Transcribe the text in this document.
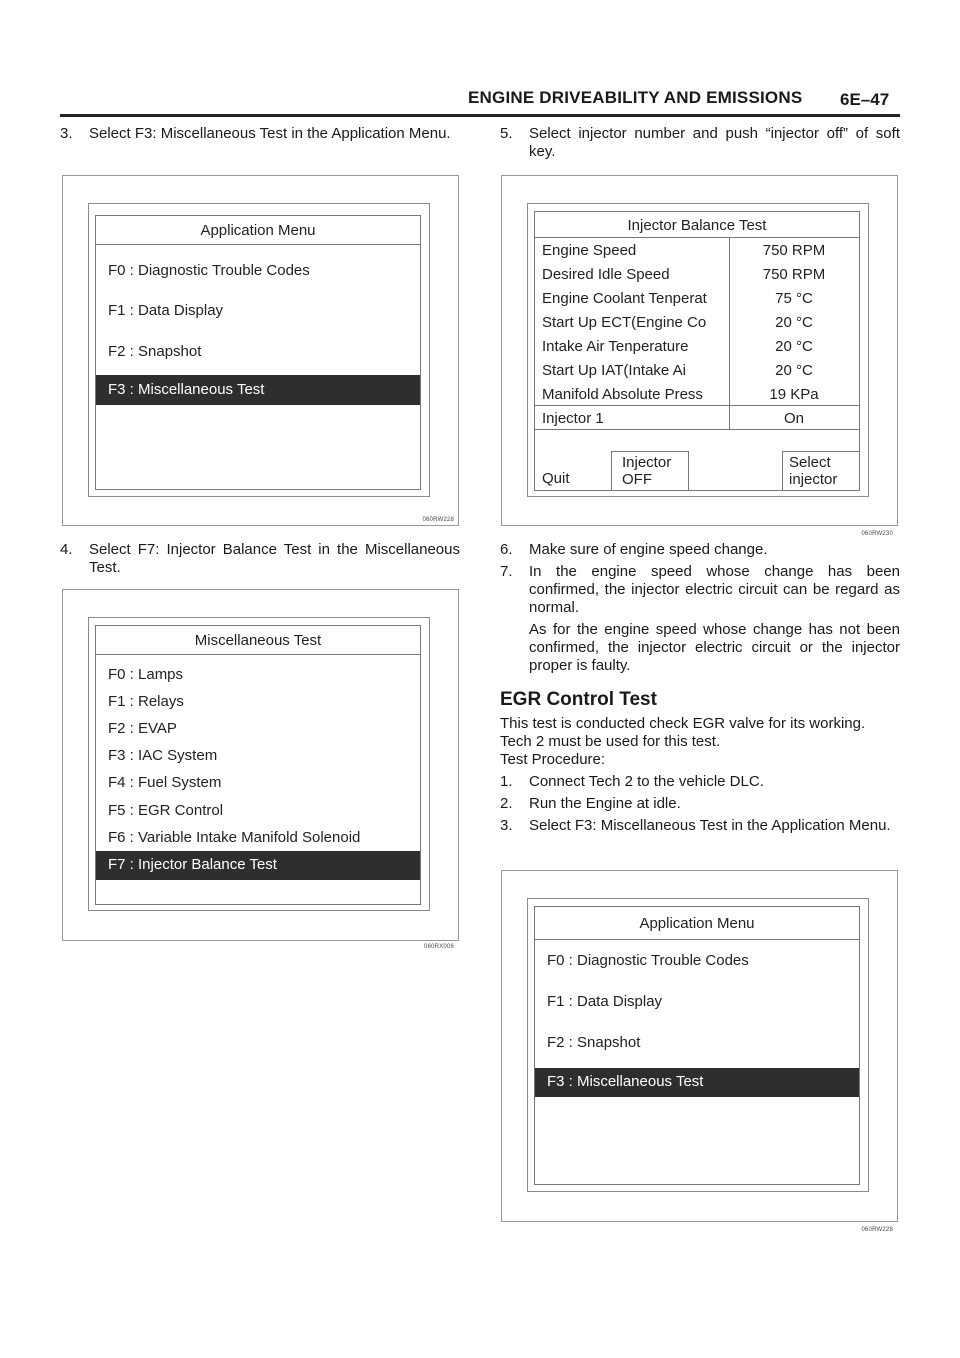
ENGINE DRIVEABILITY AND EMISSIONS 6E–47
3. Select F3: Miscellaneous Test in the Application Menu.
Application Menu
F0 : Diagnostic Trouble Codes
F1 : Data Display
F2 : Snapshot
F3 : Miscellaneous Test
060RW228
4. Select F7: Injector Balance Test in the Miscellaneous Test.
Miscellaneous Test
F0 : Lamps
F1 : Relays
F2 : EVAP
F3 : IAC System
F4 : Fuel System
F5 : EGR Control
F6 : Variable Intake Manifold Solenoid
F7 : Injector Balance Test
060RX006
5. Select injector number and push “injector off” of soft key.
Injector Balance Test
Engine Speed	750 RPM
Desired Idle Speed	750 RPM
Engine Coolant Tenperat	75 °C
Start Up ECT(Engine Co	20 °C
Intake Air Tenperature	20 °C
Start Up IAT(Intake Ai	20 °C
Manifold Absolute Press	19 KPa
Injector 1	On
Quit
Injector
OFF
Select
injector
060RW230
6. Make sure of engine speed change.
7. In the engine speed whose change has been confirmed, the injector electric circuit can be regard as normal.
As for the engine speed whose change has not been confirmed, the injector electric circuit or the injector proper is faulty.
EGR Control Test
This test is conducted check EGR valve for its working.
Tech 2 must be used for this test.
Test Procedure:
1. Connect Tech 2 to the vehicle DLC.
2. Run the Engine at idle.
3. Select F3: Miscellaneous Test in the Application Menu.
Application Menu
F0 : Diagnostic Trouble Codes
F1 : Data Display
F2 : Snapshot
F3 : Miscellaneous Test
060RW228
